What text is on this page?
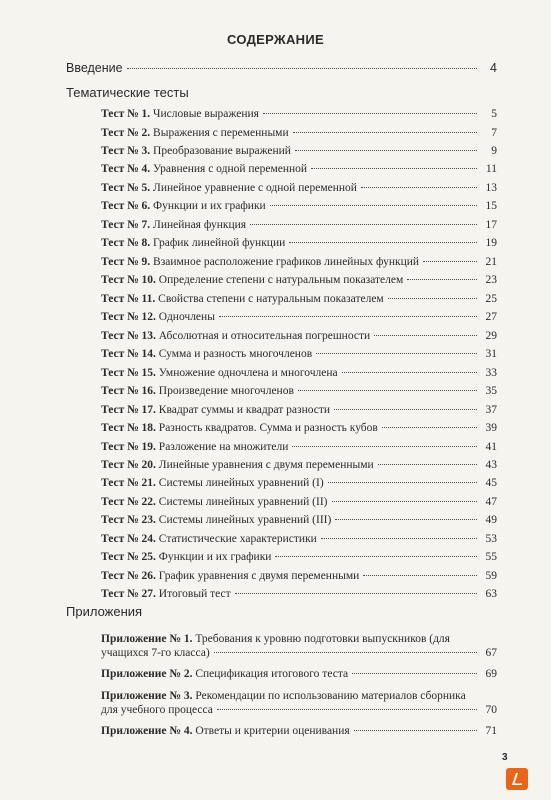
СОДЕРЖАНИЕ
Введение	4
Тематические тесты
Тест № 1. Числовые выражения	5
Тест № 2. Выражения с переменными	7
Тест № 3. Преобразование выражений	9
Тест № 4. Уравнения с одной переменной	11
Тест № 5. Линейное уравнение с одной переменной	13
Тест № 6. Функции и их графики	15
Тест № 7. Линейная функция	17
Тест № 8. График линейной функции	19
Тест № 9. Взаимное расположение графиков линейных функций	21
Тест № 10. Определение степени с натуральным показателем	23
Тест № 11. Свойства степени с натуральным показателем	25
Тест № 12. Одночлены	27
Тест № 13. Абсолютная и относительная погрешности	29
Тест № 14. Сумма и разность многочленов	31
Тест № 15. Умножение одночлена и многочлена	33
Тест № 16. Произведение многочленов	35
Тест № 17. Квадрат суммы и квадрат разности	37
Тест № 18. Разность квадратов. Сумма и разность кубов	39
Тест № 19. Разложение на множители	41
Тест № 20. Линейные уравнения с двумя переменными	43
Тест № 21. Системы линейных уравнений (I)	45
Тест № 22. Системы линейных уравнений (II)	47
Тест № 23. Системы линейных уравнений (III)	49
Тест № 24. Статистические характеристики	53
Тест № 25. Функции и их графики	55
Тест № 26. График уравнения с двумя переменными	59
Тест № 27. Итоговый тест	63
Приложения
Приложение № 1. Требования к уровню подготовки выпускников (для
учащихся 7-го класса)	67
Приложение № 2. Спецификация итогового теста	69
Приложение № 3. Рекомендации по использованию материалов сборника
для учебного процесса	70
Приложение № 4. Ответы и критерии оценивания	71
3
